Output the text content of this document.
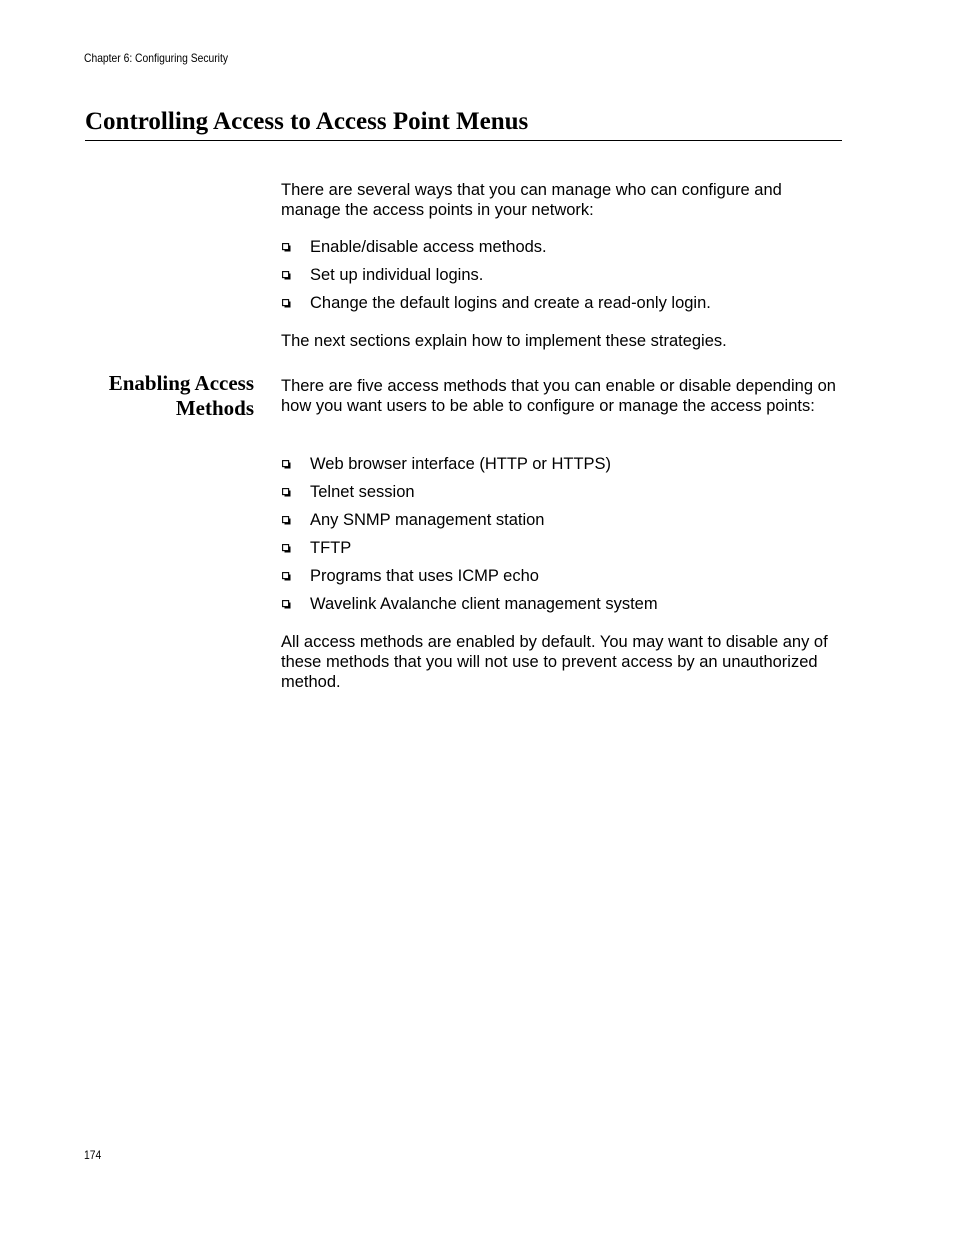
Chapter 6: Configuring Security
Controlling Access to Access Point Menus

There are several ways that you can manage who can configure and manage the access points in your network:

Enable/disable access methods.
Set up individual logins.
Change the default logins and create a read-only login.

The next sections explain how to implement these strategies.

Enabling Access
Methods

There are five access methods that you can enable or disable depending on how you want users to be able to configure or manage the access points:

Web browser interface (HTTP or HTTPS)
Telnet session
Any SNMP management station
TFTP
Programs that uses ICMP echo
Wavelink Avalanche client management system

All access methods are enabled by default. You may want to disable any of these methods that you will not use to prevent access by an unauthorized method.

174
